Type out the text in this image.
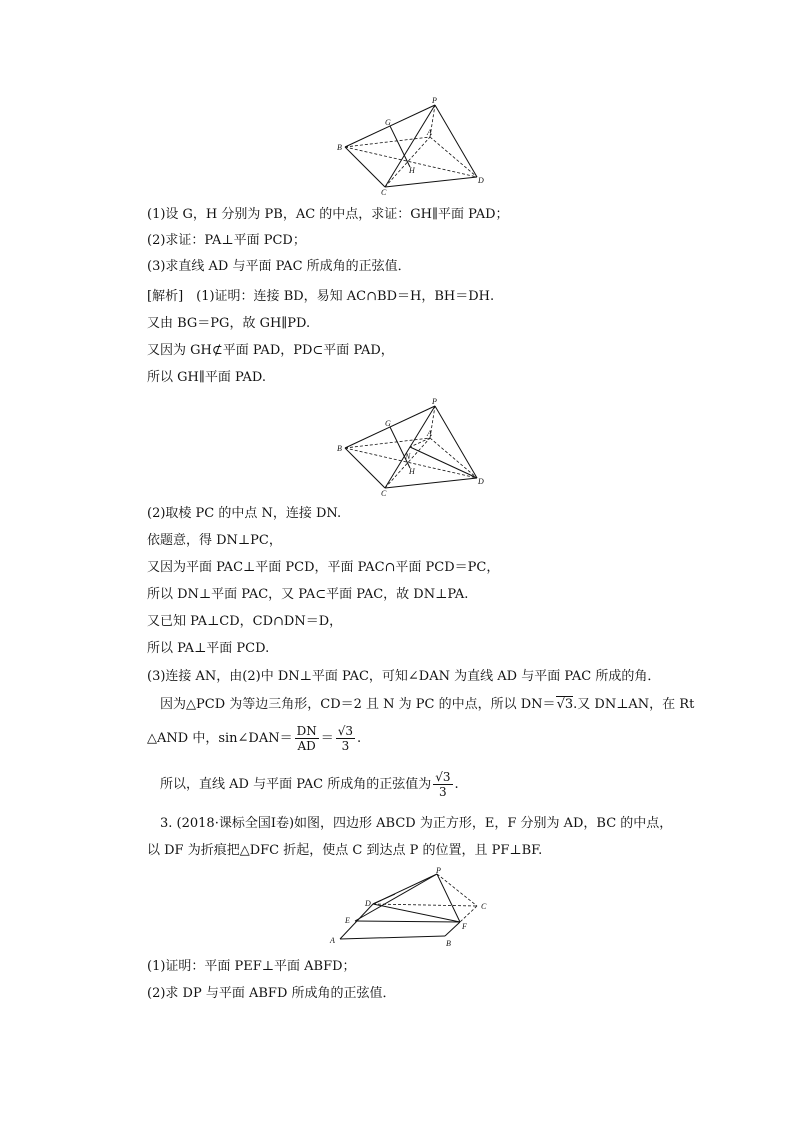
P
B
G
A
H
C
D
(1)设 G，H 分别为 PB，AC 的中点，求证：GH∥平面 PAD；
(2)求证：PA⊥平面 PCD；
(3)求直线 AD 与平面 PAC 所成角的正弦值．
[解析]　(1)证明：连接 BD，易知 AC∩BD＝H，BH＝DH.
又由 BG＝PG，故 GH∥PD.
又因为 GH⊄平面 PAD，PD⊂平面 PAD，
所以 GH∥平面 PAD.
P
B
G
A
N
H
C
D
(2)取棱 PC 的中点 N，连接 DN.
依题意，得 DN⊥PC，
又因为平面 PAC⊥平面 PCD，平面 PAC∩平面 PCD＝PC，
所以 DN⊥平面 PAC，又 PA⊂平面 PAC，故 DN⊥PA.
又已知 PA⊥CD，CD∩DN＝D，
所以 PA⊥平面 PCD.
(3)连接 AN，由(2)中 DN⊥平面 PAC，可知∠DAN 为直线 AD 与平面 PAC 所成的角．
因为△PCD 为等边三角形，CD＝2 且 N 为 PC 的中点，所以 DN＝√3.又 DN⊥AN，在 Rt
△AND 中，sin∠DAN＝ $\frac{DN}{AD} = \frac{√3}{3}$ .
所以，直线 AD 与平面 PAC 所成角的正弦值为 $\frac{√3}{3}$ .
3. (2018·课标全国Ⅰ卷)如图，四边形 ABCD 为正方形，E，F 分别为 AD，BC 的中点，
以 DF 为折痕把△DFC 折起，使点 C 到达点 P 的位置，且 PF⊥BF.
P
D	C
E
F
A	B
(1)证明：平面 PEF⊥平面 ABFD；
(2)求 DP 与平面 ABFD 所成角的正弦值．
